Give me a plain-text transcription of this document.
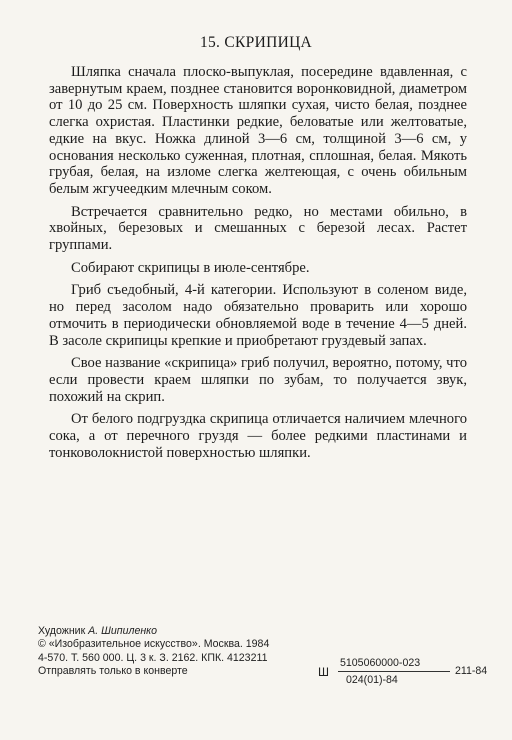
15. СКРИПИЦА

Шляпка сначала плоско-выпуклая, посередине вдавленная, с завернутым краем, позднее становится воронковидной, диаметром от 10 до 25 см. Поверхность шляпки сухая, чисто белая, позднее слегка охристая. Пластинки редкие, беловатые или желтоватые, едкие на вкус. Ножка длиной 3—6 см, толщиной 3—6 см, у основания несколько суженная, плотная, сплошная, белая. Мякоть грубая, белая, на изломе слегка желтеющая, с очень обильным белым жгучеедким млечным соком.

Встречается сравнительно редко, но местами обильно, в хвойных, березовых и смешанных с березой лесах. Растет группами.

Собирают скрипицы в июле-сентябре.

Гриб съедобный, 4-й категории. Используют в соленом виде, но перед засолом надо обязательно проварить или хорошо отмочить в периодически обновляемой воде в течение 4—5 дней. В засоле скрипицы крепкие и приобретают груздевый запах.

Свое название «скрипица» гриб получил, вероятно, потому, что если провести краем шляпки по зубам, то получается звук, похожий на скрип.

От белого подгруздка скрипица отличается наличием млечного сока, а от перечного груздя — более редкими пластинами и тонковолокнистой поверхностью шляпки.

Художник А. Шипиленко
© «Изобразительное искусство». Москва. 1984
4-570. Т. 560 000. Ц. 3 к. З. 2162. КПК. 4123211
Отправлять только в конверте	Ш
5105060000-023
024(01)-84
211-84
